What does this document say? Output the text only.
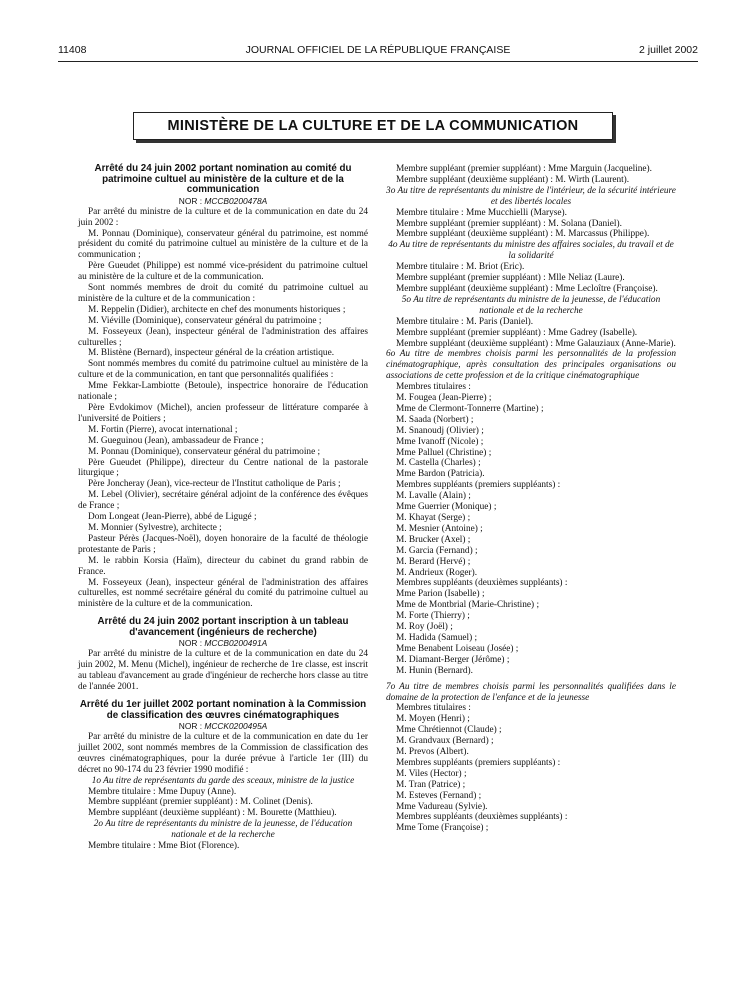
11408	JOURNAL OFFICIEL DE LA RÉPUBLIQUE FRANÇAISE	2 juillet 2002
MINISTÈRE DE LA CULTURE ET DE LA COMMUNICATION

Arrêté du 24 juin 2002 portant nomination au comité du patrimoine cultuel au ministère de la culture et de la communication

NOR : MCCB0200478A

Par arrêté du ministre de la culture et de la communication en date du 24 juin 2002 :

M. Ponnau (Dominique), conservateur général du patrimoine, est nommé président du comité du patrimoine cultuel au ministère de la culture et de la communication ;

Père Gueudet (Philippe) est nommé vice-président du patrimoine cultuel au ministère de la culture et de la communication.

Sont nommés membres de droit du comité du patrimoine cultuel au ministère de la culture et de la communication :

M. Reppelin (Didier), architecte en chef des monuments historiques ;

M. Viéville (Dominique), conservateur général du patrimoine ;

M. Fosseyeux (Jean), inspecteur général de l'administration des affaires culturelles ;

M. Blistène (Bernard), inspecteur général de la création artistique.

Sont nommés membres du comité du patrimoine cultuel au ministère de la culture et de la communication, en tant que personnalités qualifiées :

Mme Fekkar-Lambiotte (Betoule), inspectrice honoraire de l'éducation nationale ;

Père Evdokimov (Michel), ancien professeur de littérature comparée à l'université de Poitiers ;

M. Fortin (Pierre), avocat international ;

M. Gueguinou (Jean), ambassadeur de France ;

M. Ponnau (Dominique), conservateur général du patrimoine ;

Père Gueudet (Philippe), directeur du Centre national de la pastorale liturgique ;

Père Joncheray (Jean), vice-recteur de l'Institut catholique de Paris ;

M. Lebel (Olivier), secrétaire général adjoint de la conférence des évêques de France ;

Dom Longeat (Jean-Pierre), abbé de Ligugé ;

M. Monnier (Sylvestre), architecte ;

Pasteur Pérès (Jacques-Noël), doyen honoraire de la faculté de théologie protestante de Paris ;

M. le rabbin Korsia (Haïm), directeur du cabinet du grand rabbin de France.

M. Fosseyeux (Jean), inspecteur général de l'administration des affaires culturelles, est nommé secrétaire général du comité du patrimoine cultuel au ministère de la culture et de la communication.

Arrêté du 24 juin 2002 portant inscription à un tableau d'avancement (ingénieurs de recherche)

NOR : MCCB0200491A

Par arrêté du ministre de la culture et de la communication en date du 24 juin 2002, M. Menu (Michel), ingénieur de recherche de 1re classe, est inscrit au tableau d'avancement au grade d'ingénieur de recherche hors classe au titre de l'année 2001.

Arrêté du 1er juillet 2002 portant nomination à la Commission de classification des œuvres cinématographiques

NOR : MCCK0200495A

Par arrêté du ministre de la culture et de la communication en date du 1er juillet 2002, sont nommés membres de la Commission de classification des œuvres cinématographiques, pour la durée prévue à l'article 1er (III) du décret no 90-174 du 23 février 1990 modifié :

1o Au titre de représentants du garde des sceaux, ministre de la justice

Membre titulaire : Mme Dupuy (Anne).

Membre suppléant (premier suppléant) : M. Colinet (Denis).

Membre suppléant (deuxième suppléant) : M. Bourette (Matthieu).

2o Au titre de représentants du ministre de la jeunesse, de l'éducation nationale et de la recherche

Membre titulaire : Mme Biot (Florence).

Membre suppléant (premier suppléant) : Mme Marguin (Jacqueline).

Membre suppléant (deuxième suppléant) : M. Wirth (Laurent).

3o Au titre de représentants du ministre de l'intérieur, de la sécurité intérieure et des libertés locales

Membre titulaire : Mme Mucchielli (Maryse).

Membre suppléant (premier suppléant) : M. Solana (Daniel).

Membre suppléant (deuxième suppléant) : M. Marcassus (Philippe).

4o Au titre de représentants du ministre des affaires sociales, du travail et de la solidarité

Membre titulaire : M. Briot (Eric).

Membre suppléant (premier suppléant) : Mlle Neliaz (Laure).

Membre suppléant (deuxième suppléant) : Mme Lecloître (Françoise).

5o Au titre de représentants du ministre de la jeunesse, de l'éducation nationale et de la recherche

Membre titulaire : M. Paris (Daniel).

Membre suppléant (premier suppléant) : Mme Gadrey (Isabelle).

Membre suppléant (deuxième suppléant) : Mme Galauziaux (Anne-Marie).

6o Au titre de membres choisis parmi les personnalités de la profession cinématographique, après consultation des principales organisations ou associations de cette profession et de la critique cinématographique

Membres titulaires :

M. Fougea (Jean-Pierre) ;

Mme de Clermont-Tonnerre (Martine) ;

M. Saada (Norbert) ;

M. Snanoudj (Olivier) ;

Mme Ivanoff (Nicole) ;

Mme Palluel (Christine) ;

M. Castella (Charles) ;

Mme Bardon (Patricia).

Membres suppléants (premiers suppléants) :

M. Lavalle (Alain) ;

Mme Guerrier (Monique) ;

M. Khayat (Serge) ;

M. Mesnier (Antoine) ;

M. Brucker (Axel) ;

M. Garcia (Fernand) ;

M. Berard (Hervé) ;

M. Andrieux (Roger).

Membres suppléants (deuxièmes suppléants) :

Mme Parion (Isabelle) ;

Mme de Montbrial (Marie-Christine) ;

M. Forte (Thierry) ;

M. Roy (Joël) ;

M. Hadida (Samuel) ;

Mme Benabent Loiseau (Josée) ;

M. Diamant-Berger (Jérôme) ;

M. Hunin (Bernard).

7o Au titre de membres choisis parmi les personnalités qualifiées dans le domaine de la protection de l'enfance et de la jeunesse

Membres titulaires :

M. Moyen (Henri) ;

Mme Chrétiennot (Claude) ;

M. Grandvaux (Bernard) ;

M. Prevos (Albert).

Membres suppléants (premiers suppléants) :

M. Viles (Hector) ;

M. Tran (Patrice) ;

M. Esteves (Fernand) ;

Mme Vadureau (Sylvie).

Membres suppléants (deuxièmes suppléants) :

Mme Tome (Françoise) ;
